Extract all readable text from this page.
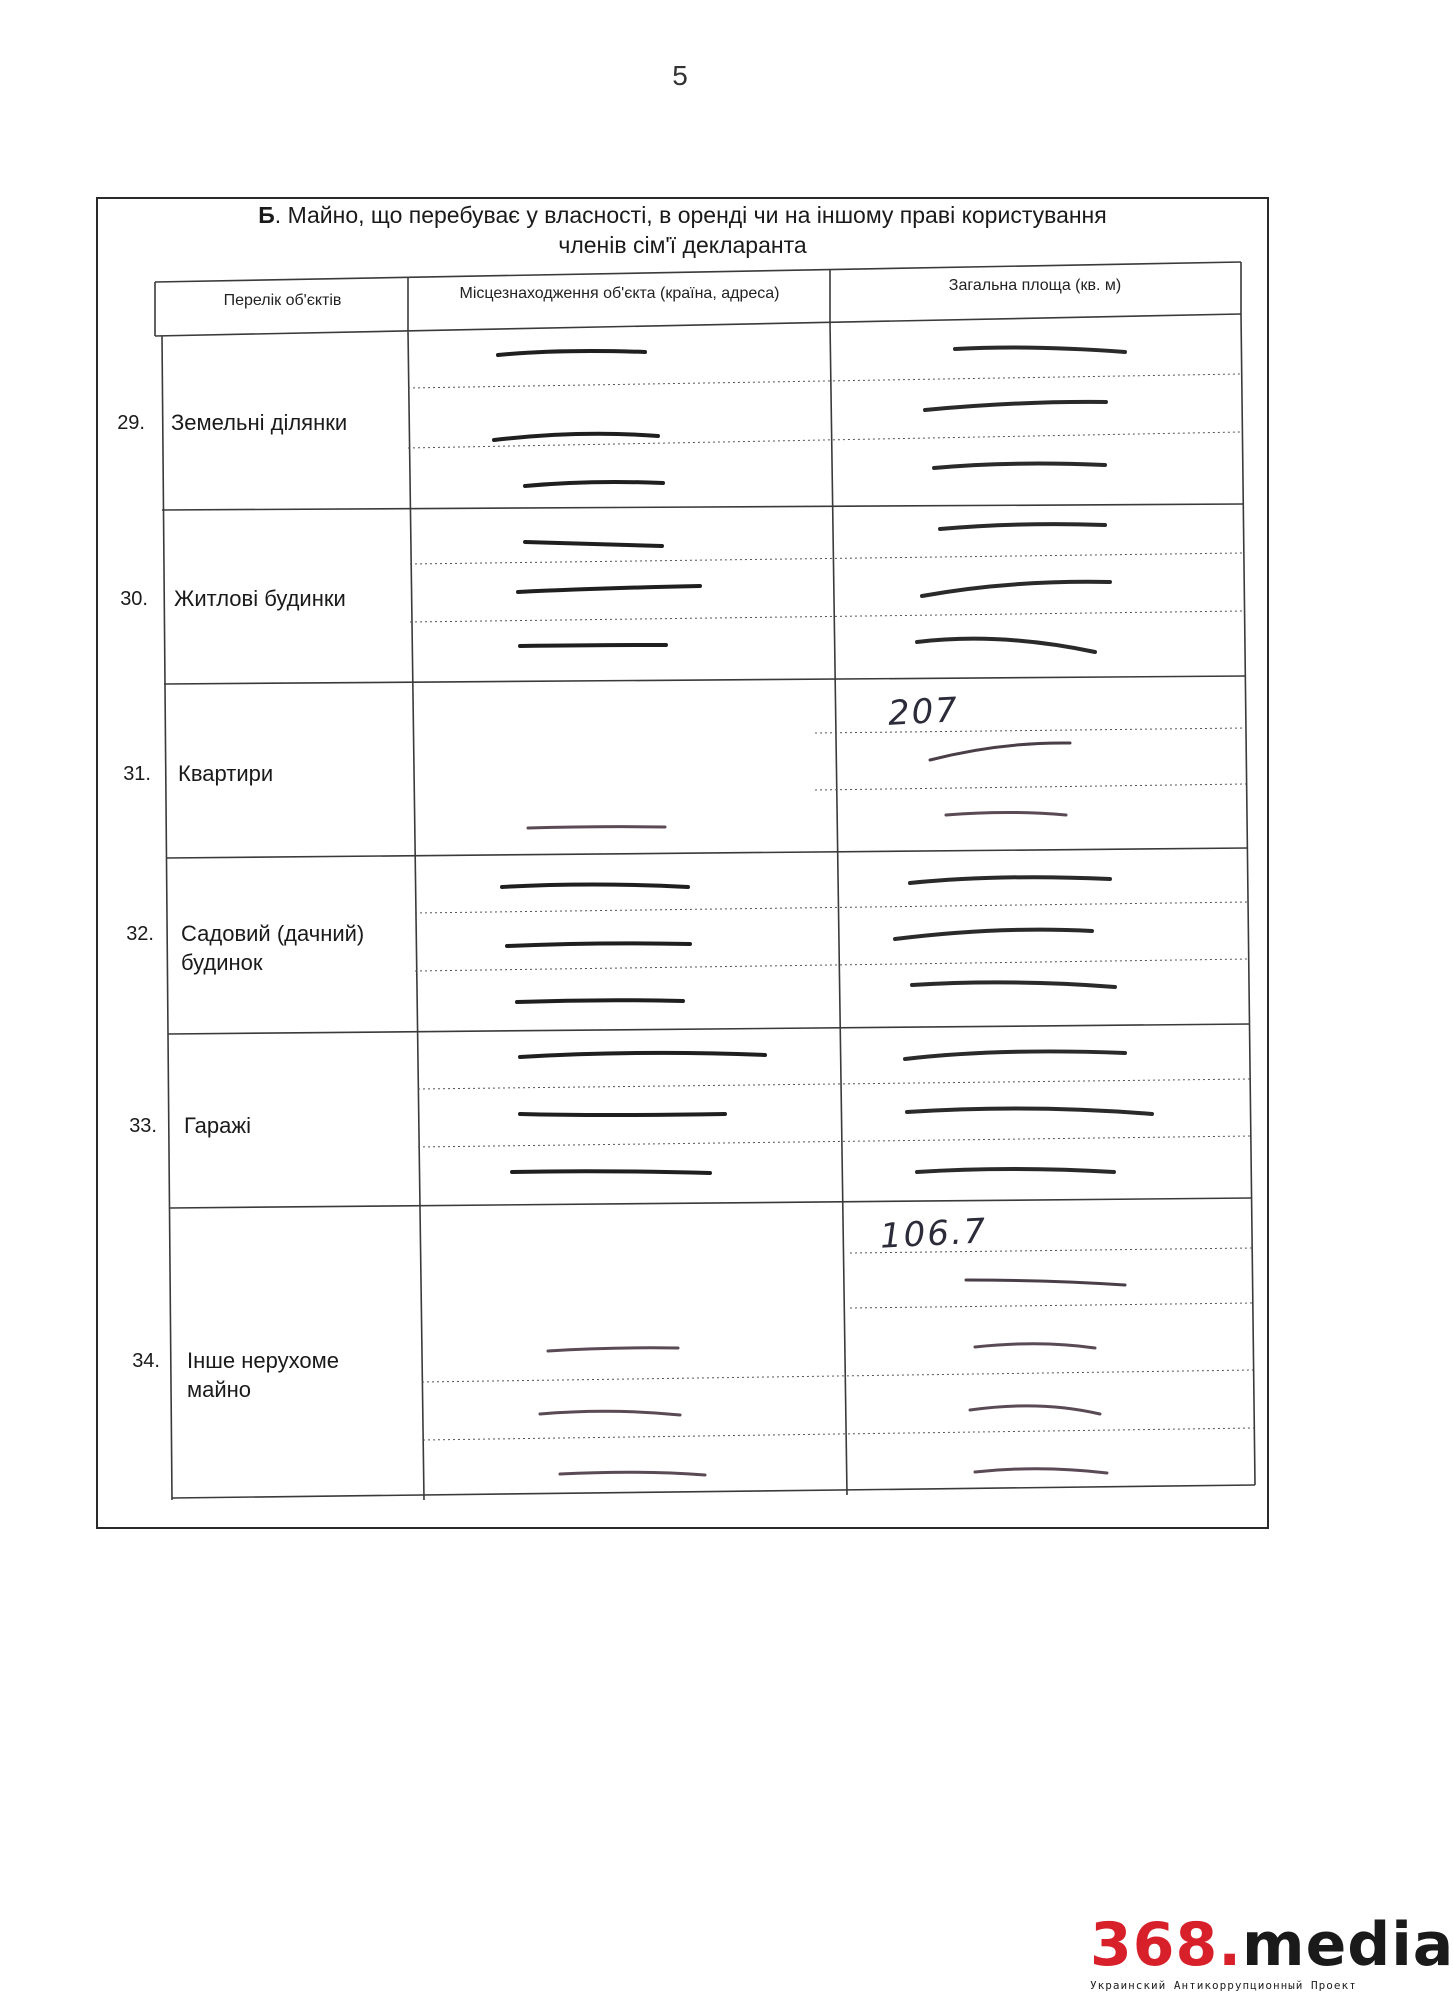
5
Б. Майно, що перебуває у власності, в оренді чи на іншому праві користування
членів сім'ї декларанта
Перелік об'єктів	Місцезнаходження об'єкта (країна, адреса)	Загальна площа (кв. м)
29. Земельні ділянки
30. Житлові будинки
31. Квартири
32. Садовий (дачний) будинок
33. Гаражі
34. Інше нерухоме майно
207
106.7
368.media
Украинский Антикоррупционный Проект
